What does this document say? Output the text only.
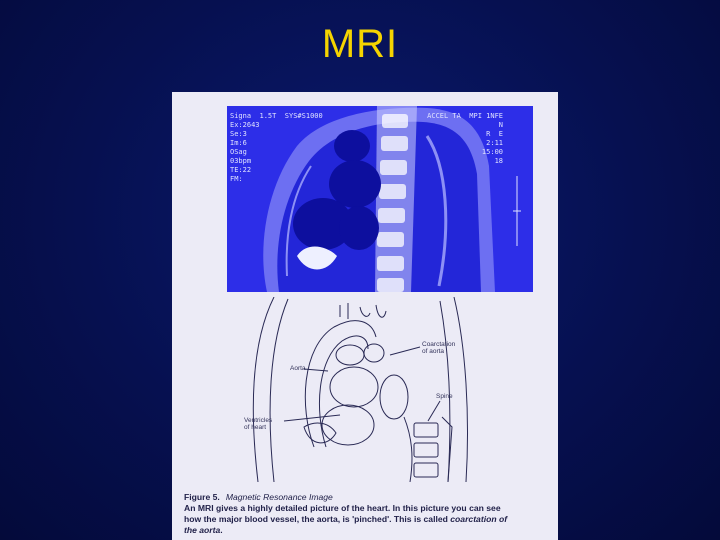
MRI
Signa  1.5T  SYS#S1000
Ex:2643
Se:3
Im:6
OSag
03bpm
TE:22
FM:
ACCEL TA  MPI 1NFE
N
R  E
2:11
15:00
18
Coarctation
of aorta
Aorta
Spine
Ventricles
of heart
Figure 5. Magnetic Resonance Image
An MRI gives a highly detailed picture of the heart. In this picture you can see
how the major blood vessel, the aorta, is 'pinched'. This is called coarctation of
the aorta.
